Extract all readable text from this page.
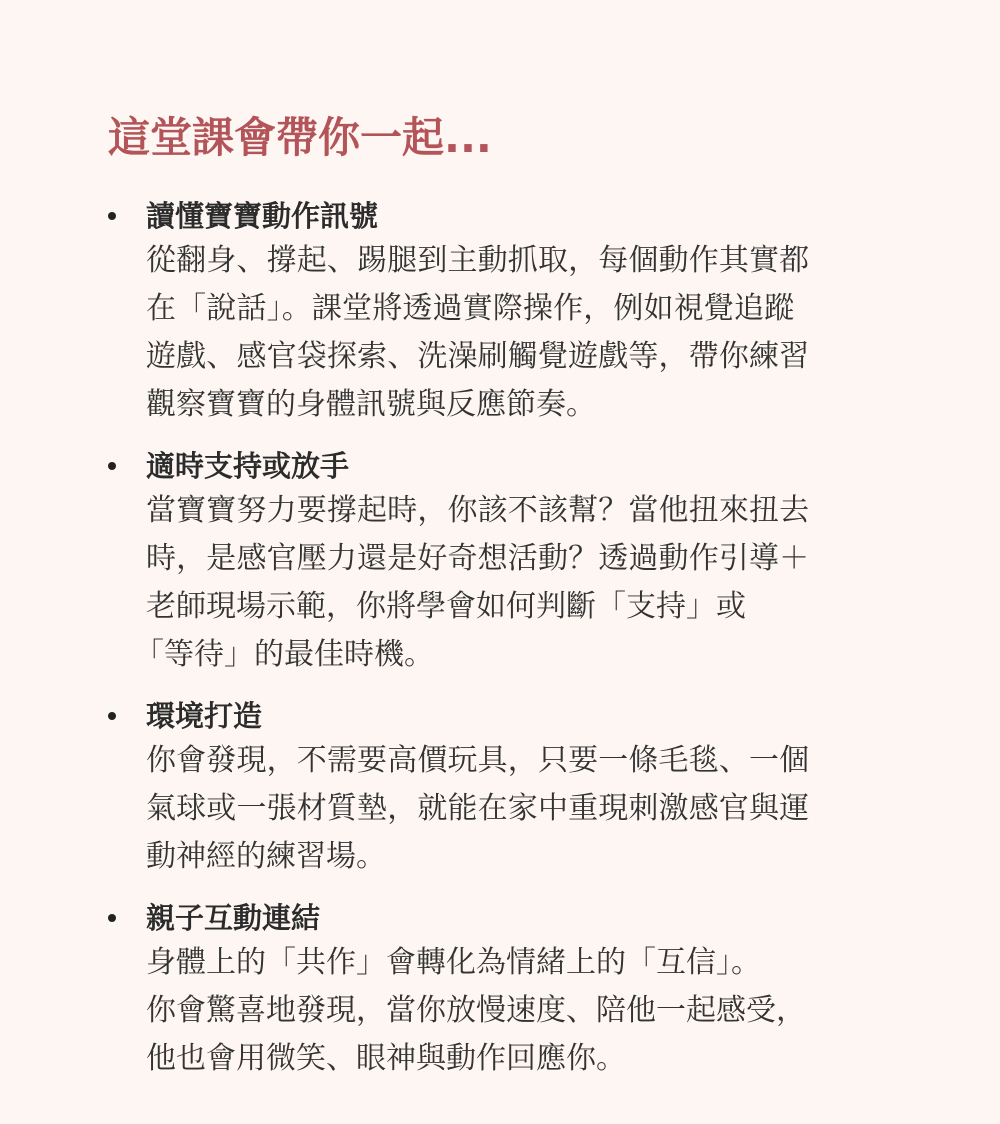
這堂課會帶你一起...
讀懂寶寶動作訊號
從翻身、撐起、踢腿到主動抓取，每個動作其實都
在「說話」。課堂將透過實際操作，例如視覺追蹤
遊戲、感官袋探索、洗澡刷觸覺遊戲等，帶你練習
觀察寶寶的身體訊號與反應節奏。
適時支持或放手
當寶寶努力要撐起時，你該不該幫？當他扭來扭去
時，是感官壓力還是好奇想活動？透過動作引導＋
老師現場示範，你將學會如何判斷「支持」或
「等待」的最佳時機。
環境打造
你會發現，不需要高價玩具，只要一條毛毯、一個
氣球或一張材質墊，就能在家中重現刺激感官與運
動神經的練習場。
親子互動連結
身體上的「共作」會轉化為情緒上的「互信」。
你會驚喜地發現，當你放慢速度、陪他一起感受，
他也會用微笑、眼神與動作回應你。
